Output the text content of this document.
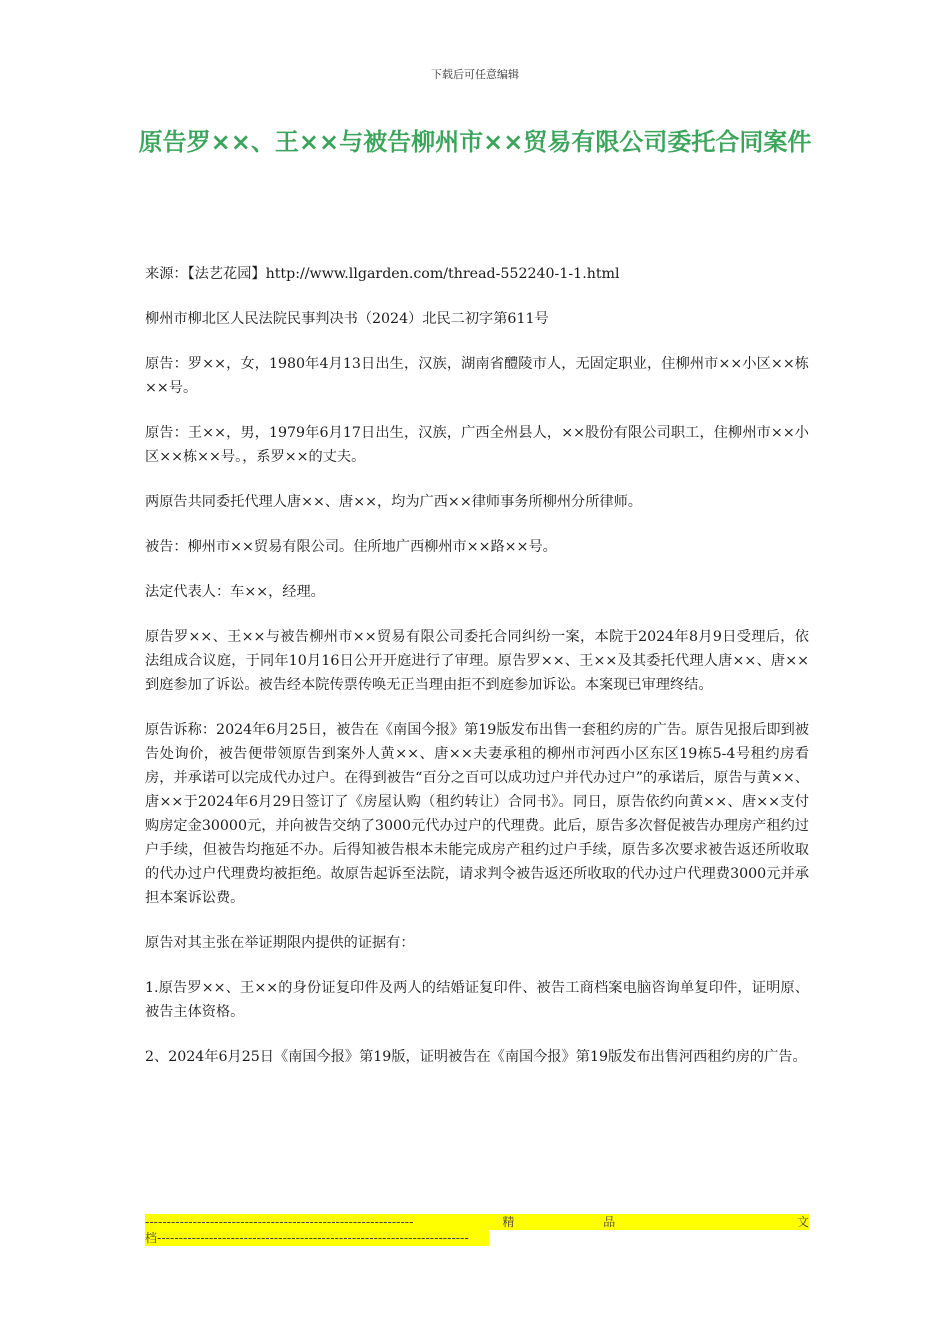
下载后可任意编辑
原告罗××、王××与被告柳州市××贸易有限公司委托合同案件

来源：【法艺花园】http://www.llgarden.com/thread-552240-1-1.html

柳州市柳北区人民法院民事判决书（2024）北民二初字第611号

原告：罗××，女，1980年4月13日出生，汉族，湖南省醴陵市人，无固定职业，住柳州市××小区××栋××号。

原告：王××，男，1979年6月17日出生，汉族，广西全州县人，××股份有限公司职工，住柳州市××小区××栋××号。，系罗××的丈夫。

两原告共同委托代理人唐××、唐××，均为广西××律师事务所柳州分所律师。

被告：柳州市××贸易有限公司。住所地广西柳州市××路××号。

法定代表人：车××，经理。

原告罗××、王××与被告柳州市××贸易有限公司委托合同纠纷一案，本院于2024年8月9日受理后，依法组成合议庭，于同年10月16日公开开庭进行了审理。原告罗××、王××及其委托代理人唐××、唐××到庭参加了诉讼。被告经本院传票传唤无正当理由拒不到庭参加诉讼。本案现已审理终结。

原告诉称：2024年6月25日，被告在《南国今报》第19版发布出售一套租约房的广告。原告见报后即到被告处询价，被告便带领原告到案外人黄××、唐××夫妻承租的柳州市河西小区东区19栋5-4号租约房看房，并承诺可以完成代办过户。在得到被告“百分之百可以成功过户并代办过户”的承诺后，原告与黄××、唐××于2024年6月29日签订了《房屋认购（租约转让）合同书》。同日，原告依约向黄××、唐××支付购房定金30000元，并向被告交纳了3000元代办过户的代理费。此后，原告多次督促被告办理房产租约过户手续，但被告均拖延不办。后得知被告根本未能完成房产租约过户手续，原告多次要求被告返还所收取的代办过户代理费均被拒绝。故原告起诉至法院，请求判令被告返还所收取的代办过户代理费3000元并承担本案诉讼费。

原告对其主张在举证期限内提供的证据有：

1.原告罗××、王××的身份证复印件及两人的结婚证复印件、被告工商档案电脑咨询单复印件，证明原、被告主体资格。

2、2024年6月25日《南国今报》第19版，证明被告在《南国今报》第19版发布出售河西租约房的广告。

--------------------------------------------------------------	精	品
	文
档------------------------------------------------------------------------
